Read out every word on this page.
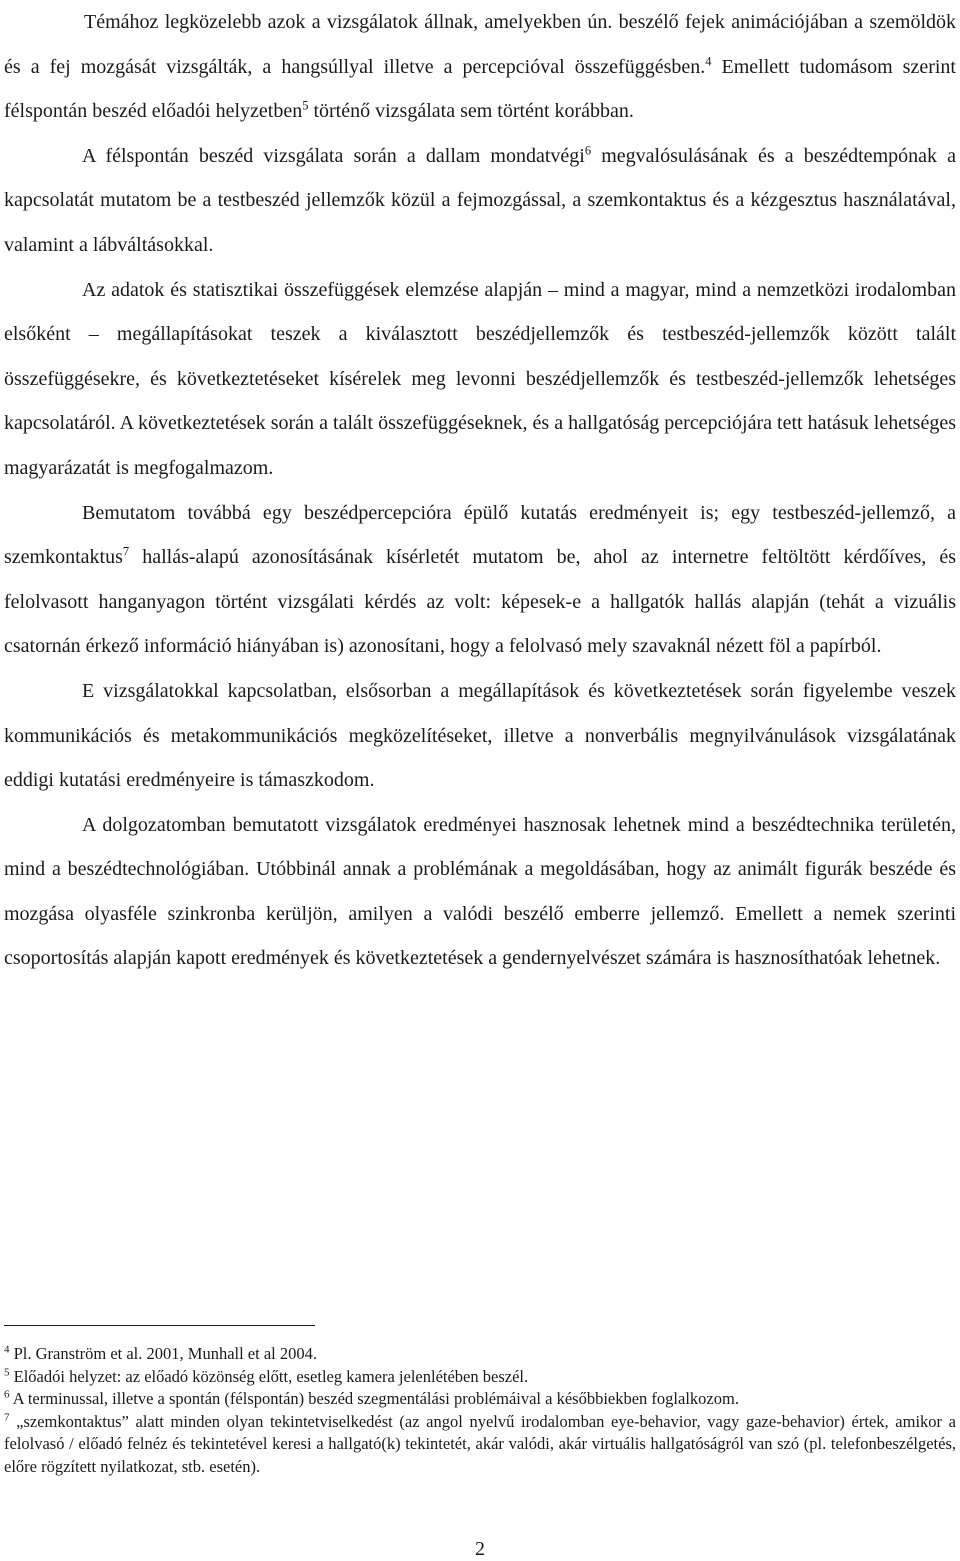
Témához legközelebb azok a vizsgálatok állnak, amelyekben ún. beszélő fejek animációjában a szemöldök és a fej mozgását vizsgálták, a hangsúllyal illetve a percepcióval összefüggésben.$^4$ Emellett tudomásom szerint félspontán beszéd előadói helyzetben$^5$ történő vizsgálata sem történt korábban.

A félspontán beszéd vizsgálata során a dallam mondatvégi$^6$ megvalósulásának és a beszédtempónak a kapcsolatát mutatom be a testbeszéd jellemzők közül a fejmozgással, a szemkontaktus és a kézgesztus használatával, valamint a lábváltásokkal.

Az adatok és statisztikai összefüggések elemzése alapján – mind a magyar, mind a nemzetközi irodalomban elsőként – megállapításokat teszek a kiválasztott beszédjellemzők és testbeszéd-jellemzők között talált összefüggésekre, és következtetéseket kísérelek meg levonni beszédjellemzők és testbeszéd-jellemzők lehetséges kapcsolatáról. A következtetések során a talált összefüggéseknek, és a hallgatóság percepciójára tett hatásuk lehetséges magyarázatát is megfogalmazom.

Bemutatom továbbá egy beszédpercepcióra épülő kutatás eredményeit is; egy testbeszéd-jellemző, a szemkontaktus$^7$ hallás-alapú azonosításának kísérletét mutatom be, ahol az internetre feltöltött kérdőíves, és felolvasott hanganyagon történt vizsgálati kérdés az volt: képesek-e a hallgatók hallás alapján (tehát a vizuális csatornán érkező információ hiányában is) azonosítani, hogy a felolvasó mely szavaknál nézett föl a papírból.

E vizsgálatokkal kapcsolatban, elsősorban a megállapítások és következtetések során figyelembe veszek kommunikációs és metakommunikációs megközelítéseket, illetve a nonverbális megnyilvánulások vizsgálatának eddigi kutatási eredményeire is támaszkodom.

A dolgozatomban bemutatott vizsgálatok eredményei hasznosak lehetnek mind a beszédtechnika területén, mind a beszédtechnológiában. Utóbbinál annak a problémának a megoldásában, hogy az animált figurák beszéde és mozgása olyasféle szinkronba kerüljön, amilyen a valódi beszélő emberre jellemző. Emellett a nemek szerinti csoportosítás alapján kapott eredmények és következtetések a gendernyelvészet számára is hasznosíthatóak lehetnek.

$^4$ Pl. Granström et al. 2001, Munhall et al 2004.

$^5$ Előadói helyzet: az előadó közönség előtt, esetleg kamera jelenlétében beszél.

$^6$ A terminussal, illetve a spontán (félspontán) beszéd szegmentálási problémáival a későbbiekben foglalkozom.

$^7$ „szemkontaktus” alatt minden olyan tekintetviselkedést (az angol nyelvű irodalomban eye-behavior, vagy gaze-behavior) értek, amikor a felolvasó / előadó felnéz és tekintetével keresi a hallgató(k) tekintetét, akár valódi, akár virtuális hallgatóságról van szó (pl. telefonbeszélgetés, előre rögzített nyilatkozat, stb. esetén).

2
